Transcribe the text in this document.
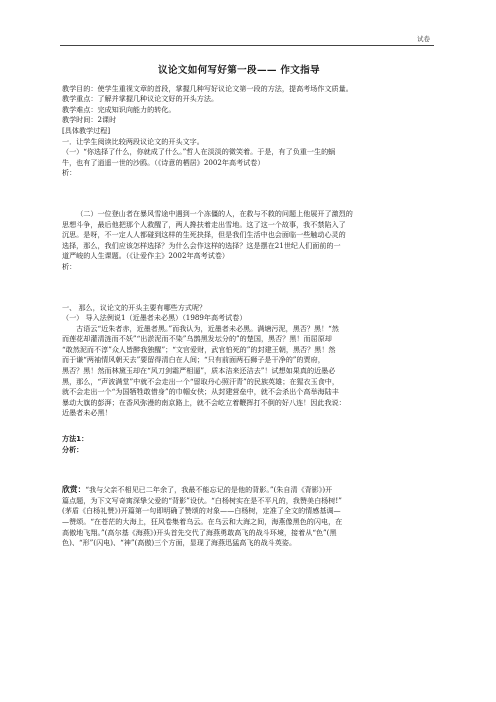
试卷

议论文如何写好第一段—— 作文指导

教学目的：使学生重视文章的首段，掌握几种写好议论文第一段的方法，提高考场作文质量。

教学重点：了解并掌握几种议论文好的开头方法。

教学难点：完成知识向能力的转化。

教学时间：2课时

[具体教学过程]

一．让学生阅读比较两段议论文的开头文字。

（一）“你选择了什么，你就成了什么。”哲人在淡淡的微笑着。于是，有了负重一生的蜗

牛，也有了逍遥一世的沙鸥。（《诗意的栖居》2002年高考试卷）

析：

（二）一位登山者在暴风雪途中遇到一个冻僵的人，在救与不救的问题上他展开了激烈的

思想斗争，最后他把那个人救醒了，两人搀扶着走出雪地。这了这一个故事，我不禁陷入了

沉思。是呀，不一定人人都碰到这样的生死抉择，但是我们生活中也会面临一些触动心灵的

选择，那么，我们应该怎样选择？为什么会作这样的选择？这是摆在21世纪人们面前的一

道严峻的人生课题。（《让爱作主》2002年高考试卷）

析：

一、 那么，议论文的开头主要有哪些方式呢？

（一） 导入法例说1（近墨者未必黑）（1989年高考试卷）

古语云“近朱者赤，近墨者黑。”而我认为，近墨者未必黑。满塘污泥，黑否？黑！“然

而莲花却灌清涟而不妖”“出淤泥而不染”乌鹊黑发坛分的”的楚国，黑否？黑！而屈原却

“敢然泥而不淳”众人皆醉我独醒”；“文官爱财，武官怕死的”的封建王朝，黑否？黑！然

而于谦“两袖情风朝天去”要留得清白在人间；“只有前面两石狮子是干净的”的贾府，

黑否？黑！然而林黛玉却在“风刀剑霜严相逼”，质本洁来还洁去”！试想如果真的近墨必

黑，那么，“声波满堂”中就不会走出一个“留取丹心照汗青”的民族英雄；在猩衣玉食中，

就不会走出一个“为国牺牲敢惜身”的巾帼女侠；从封建营垒中，就不会杀出个高举海陆丰

暴动大旗的彭湃；在香风弥漫的南京路上，就不会屹立着鞭挥打不倒的好八连！因此我说：

近墨者未必黑！

方法1：

分析：

欣赏：“我与父亲不相见已二年余了，我最不能忘记的是他的背影。”(朱自清《背影》)开

篇点题，为下文写奇寓深挚父爱的“背影”设伏。“白杨树实在是不平凡的，我赞美白杨树!”

(茅盾《白杨礼赞》)开篇第一句即明确了赞颂的对象——白杨树，定准了全文的情感基调—

—赞颂。“在苍茫的大海上，狂风卷集着乌云。在乌云和大海之间，海燕像黑色的闪电，在

高傲地飞翔。”(高尔基《海燕》)开头首先交代了海燕勇敢高飞的战斗环境，接着从“色”(黑

色)、“形”(闪电)、“神”(高傲)三个方面，显现了海燕迅猛高飞的战斗英姿。
